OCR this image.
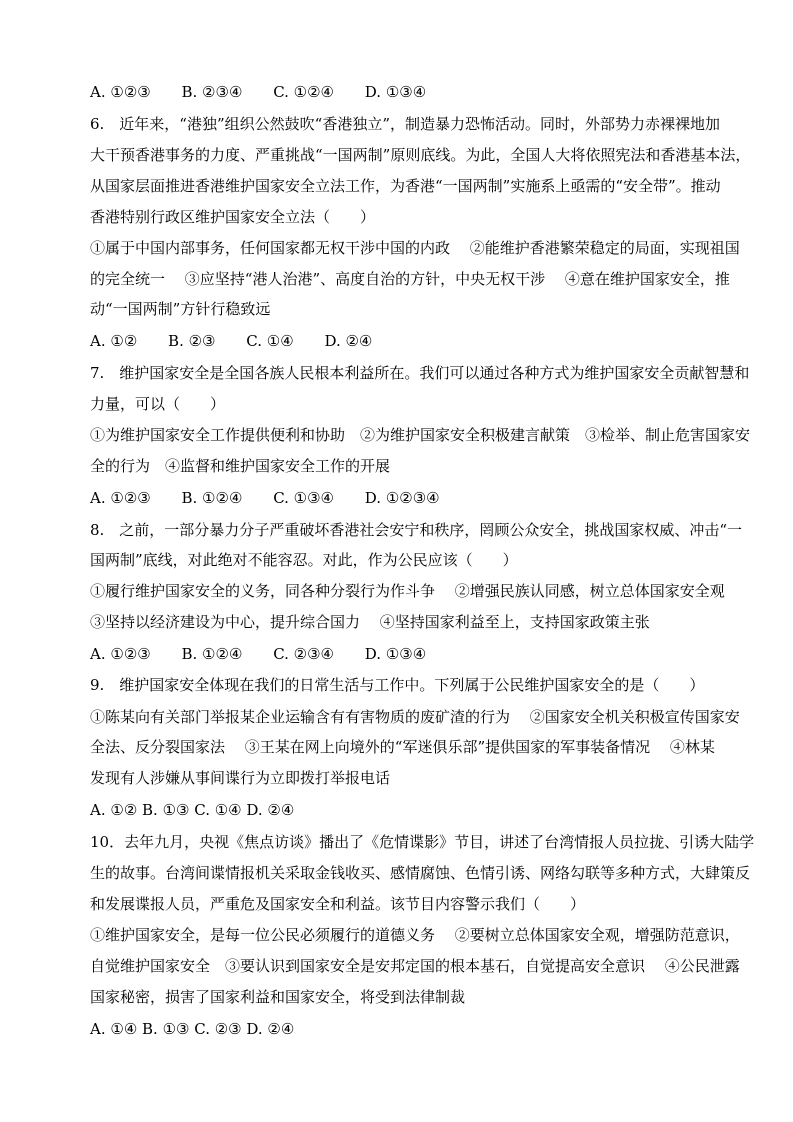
A. ①②③ B. ②③④ C. ①②④ D. ①③④
6.　近年来，“港独”组织公然鼓吹“香港独立”，制造暴力恐怖活动。同时，外部势力赤裸裸地加
大干预香港事务的力度、严重挑战“一国两制”原则底线。为此，全国人大将依照宪法和香港基本法，
从国家层面推进香港维护国家安全立法工作，为香港“一国两制”实施系上亟需的“安全带”。推动
香港特别行政区维护国家安全立法（　　）
①属于中国内部事务，任何国家都无权干涉中国的内政　 ②能维护香港繁荣稳定的局面，实现祖国
的完全统一　 ③应坚持“港人治港”、高度自治的方针，中央无权干涉　 ④意在维护国家安全，推
动“一国两制”方针行稳致远
A. ①② B. ②③ C. ①④ D. ②④
7.　维护国家安全是全国各族人民根本利益所在。我们可以通过各种方式为维护国家安全贡献智慧和
力量，可以（　　）
①为维护国家安全工作提供便利和协助　②为维护国家安全积极建言献策　③检举、制止危害国家安
全的行为　④监督和维护国家安全工作的开展
A. ①②③ B. ①②④ C. ①③④ D. ①②③④
8.　之前，一部分暴力分子严重破坏香港社会安宁和秩序，罔顾公众安全，挑战国家权威、冲击“一
国两制”底线，对此绝对不能容忍。对此，作为公民应该（　　）
①履行维护国家安全的义务，同各种分裂行为作斗争　 ②增强民族认同感，树立总体国家安全观
③坚持以经济建设为中心，提升综合国力　 ④坚持国家利益至上，支持国家政策主张
A. ①②③ B. ①②④ C. ②③④ D. ①③④
9.　维护国家安全体现在我们的日常生活与工作中。下列属于公民维护国家安全的是（　　）
①陈某向有关部门举报某企业运输含有有害物质的废矿渣的行为　 ②国家安全机关积极宣传国家安
全法、反分裂国家法　 ③王某在网上向境外的“军迷俱乐部”提供国家的军事装备情况　 ④林某
发现有人涉嫌从事间谍行为立即拨打举报电话
A. ①② B. ①③ C. ①④ D. ②④
10．去年九月，央视《焦点访谈》播出了《危情谍影》节目，讲述了台湾情报人员拉拢、引诱大陆学
生的故事。台湾间谍情报机关采取金钱收买、感情腐蚀、色情引诱、网络勾联等多种方式，大肆策反
和发展谍报人员，严重危及国家安全和利益。该节目内容警示我们（　　）
①维护国家安全，是每一位公民必须履行的道德义务　 ②要树立总体国家安全观，增强防范意识，
自觉维护国家安全　③要认识到国家安全是安邦定国的根本基石，自觉提高安全意识　 ④公民泄露
国家秘密，损害了国家利益和国家安全，将受到法律制裁
A. ①④ B. ①③ C. ②③ D. ②④
